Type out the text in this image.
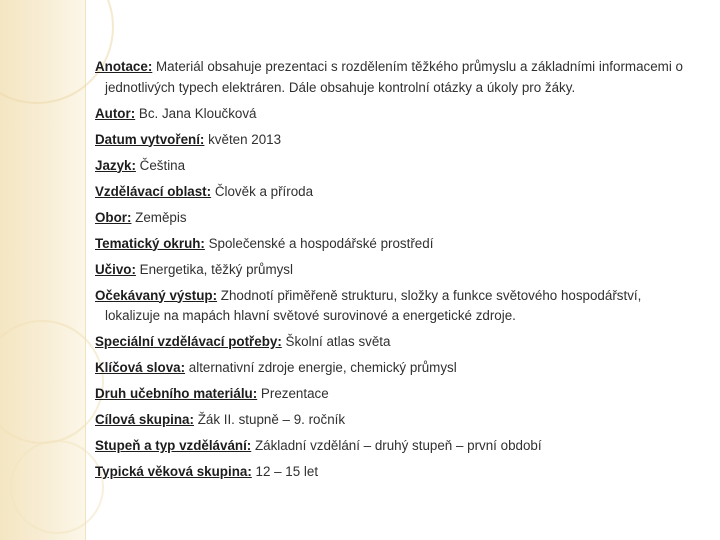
Anotace: Materiál obsahuje prezentaci s rozdělením těžkého průmyslu a základními informacemi o jednotlivých typech elektráren. Dále obsahuje kontrolní otázky a úkoly pro žáky.
Autor: Bc. Jana Kloučková
Datum vytvoření: květen 2013
Jazyk: Čeština
Vzdělávací oblast: Člověk a příroda
Obor: Zeměpis
Tematický okruh: Společenské a hospodářské prostředí
Učivo: Energetika, těžký průmysl
Očekávaný výstup: Zhodnotí přiměřeně strukturu, složky a funkce světového hospodářství, lokalizuje na mapách hlavní světové surovinové a energetické zdroje.
Speciální vzdělávací potřeby: Školní atlas světa
Klíčová slova: alternativní zdroje energie, chemický průmysl
Druh učebního materiálu: Prezentace
Cílová skupina: Žák II. stupně – 9. ročník
Stupeň a typ vzdělávání: Základní vzdělání – druhý stupeň – první období
Typická věková skupina: 12 – 15 let
